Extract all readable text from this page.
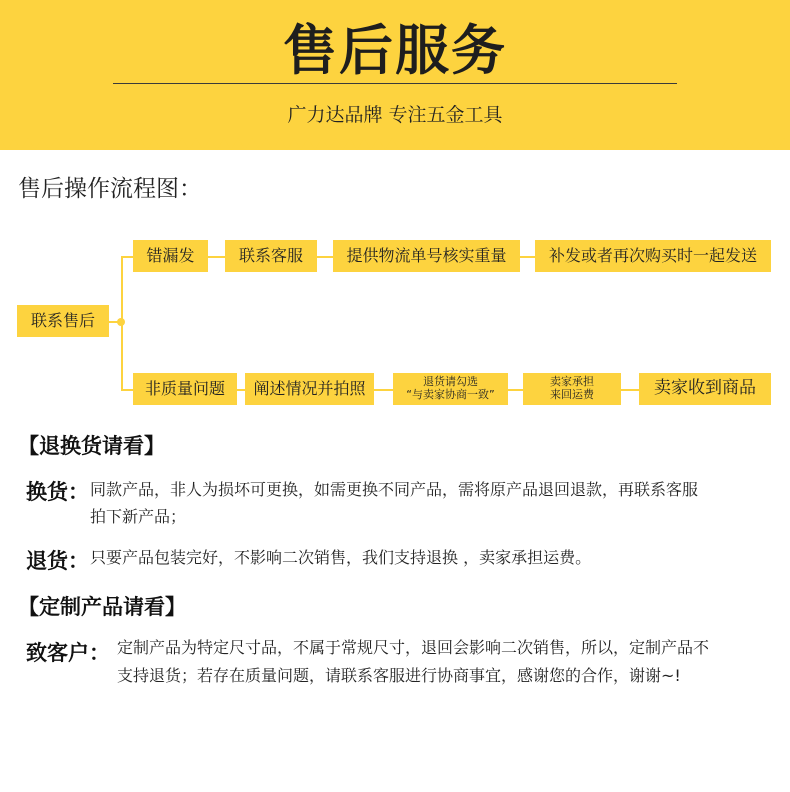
售后服务
广力达品牌 专注五金工具
售后操作流程图：
联系售后
错漏发	联系客服	提供物流单号核实重量	补发或者再次购买时一起发送
非质量问题	阐述情况并拍照	退货请勾选
“与卖家协商一致”
卖家承担
来回运费	卖家收到商品
【退换货请看】
换货： 同款产品，非人为损坏可更换，如需更换不同产品，需将原产品退回退款，再联系客服
拍下新产品；
退货： 只要产品包装完好，不影响二次销售，我们支持退换 ，卖家承担运费。
【定制产品请看】
致客户： 定制产品为特定尺寸品，不属于常规尺寸，退回会影响二次销售，所以，定制产品不
支持退货；若存在质量问题，请联系客服进行协商事宜，感谢您的合作，谢谢~!
